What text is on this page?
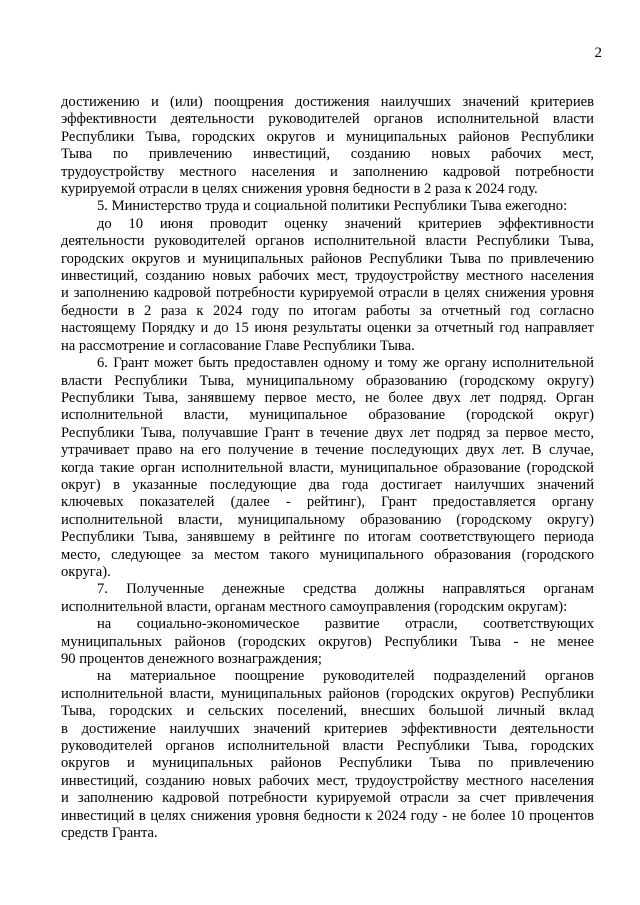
2

достижению и (или) поощрения достижения наилучших значений критериев
эффективности деятельности руководителей органов исполнительной власти
Республики Тыва, городских округов и муниципальных районов Республики
Тыва по привлечению инвестиций, созданию новых рабочих мест,
трудоустройству местного населения и заполнению кадровой потребности
курируемой отрасли в целях снижения уровня бедности в 2 раза к 2024 году.

5. Министерство труда и социальной политики Республики Тыва ежегодно:

до 10 июня проводит оценку значений критериев эффективности
деятельности руководителей органов исполнительной власти Республики Тыва,
городских округов и муниципальных районов Республики Тыва по привлечению
инвестиций, созданию новых рабочих мест, трудоустройству местного населения
и заполнению кадровой потребности курируемой отрасли в целях снижения уровня
бедности в 2 раза к 2024 году по итогам работы за отчетный год согласно
настоящему Порядку и до 15 июня результаты оценки за отчетный год направляет
на рассмотрение и согласование Главе Республики Тыва.

6. Грант может быть предоставлен одному и тому же органу исполнительной
власти Республики Тыва, муниципальному образованию (городскому округу)
Республики Тыва, занявшему первое место, не более двух лет подряд. Орган
исполнительной власти, муниципальное образование (городской округ)
Республики Тыва, получавшие Грант в течение двух лет подряд за первое место,
утрачивает право на его получение в течение последующих двух лет. В случае,
когда такие орган исполнительной власти, муниципальное образование (городской
округ) в указанные последующие два года достигает наилучших значений
ключевых показателей (далее - рейтинг), Грант предоставляется органу
исполнительной власти, муниципальному образованию (городскому округу)
Республики Тыва, занявшему в рейтинге по итогам соответствующего периода
место, следующее за местом такого муниципального образования (городского
округа).

7. Полученные денежные средства должны направляться органам
исполнительной власти, органам местного самоуправления (городским округам):

на социально-экономическое развитие отрасли, соответствующих
муниципальных районов (городских округов) Республики Тыва - не менее
90 процентов денежного вознаграждения;

на материальное поощрение руководителей подразделений органов
исполнительной власти, муниципальных районов (городских округов) Республики
Тыва, городских и сельских поселений, внесших большой личный вклад
в достижение наилучших значений критериев эффективности деятельности
руководителей органов исполнительной власти Республики Тыва, городских
округов и муниципальных районов Республики Тыва по привлечению
инвестиций, созданию новых рабочих мест, трудоустройству местного населения
и заполнению кадровой потребности курируемой отрасли за счет привлечения
инвестиций в целях снижения уровня бедности к 2024 году - не более 10 процентов
средств Гранта.
